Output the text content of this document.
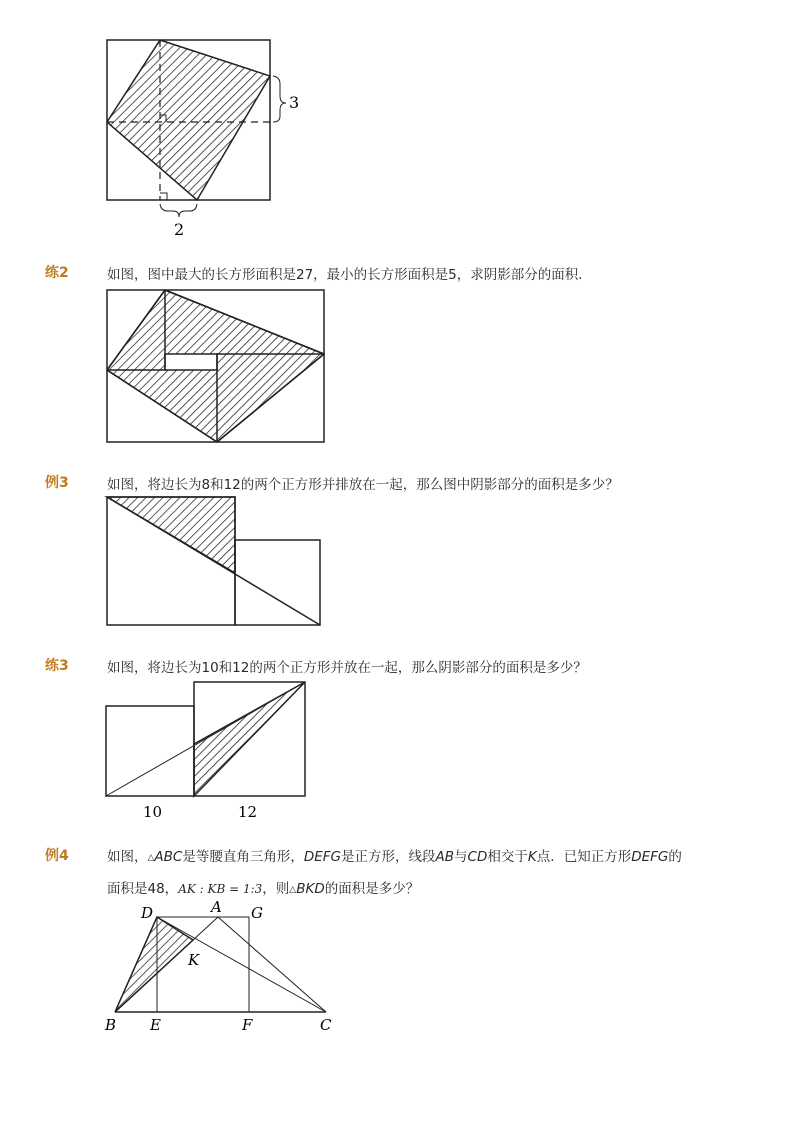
3
2
练2	如图，图中最大的长方形面积是27，最小的长方形面积是5，求阴影部分的面积．
例3	如图，将边长为8和12的两个正方形并排放在一起，那么图中阴影部分的面积是多少？
练3	如图，将边长为10和12的两个正方形并放在一起，那么阴影部分的面积是多少？
10	12
例4	如图，△ABC是等腰直角三角形，DEFG是正方形，线段AB与CD相交于K点．已知正方形DEFG的
面积是48，AK : KB = 1:3，则△BKD的面积是多少？
D	A G
K
B E	F	C
